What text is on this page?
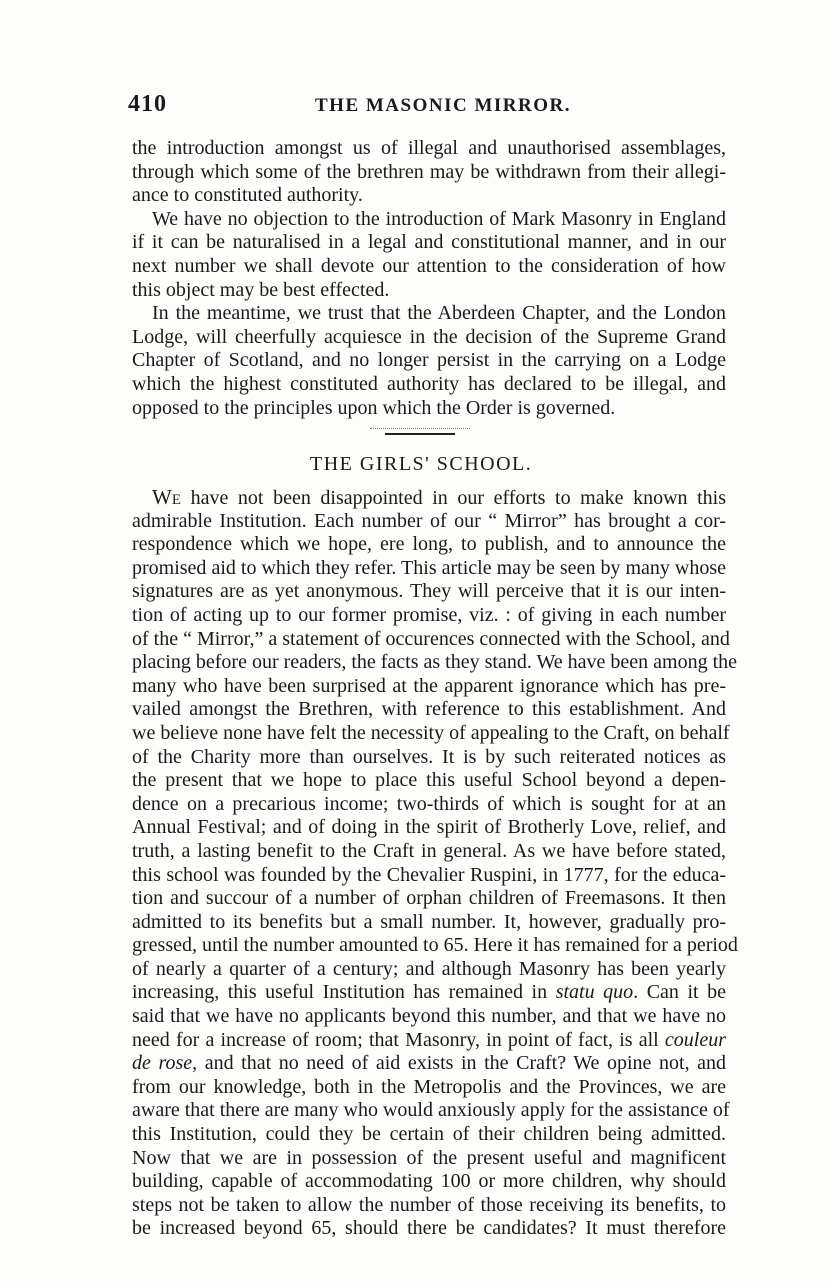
410	THE MASONIC MIRROR.
the introduction amongst us of illegal and unauthorised assemblages,
through which some of the brethren may be withdrawn from their allegi-
ance to constituted authority.
We have no objection to the introduction of Mark Masonry in England
if it can be naturalised in a legal and constitutional manner, and in our
next number we shall devote our attention to the consideration of how
this object may be best effected.
In the meantime, we trust that the Aberdeen Chapter, and the London
Lodge, will cheerfully acquiesce in the decision of the Supreme Grand
Chapter of Scotland, and no longer persist in the carrying on a Lodge
which the highest constituted authority has declared to be illegal, and
opposed to the principles upon which the Order is governed.
THE GIRLS' SCHOOL.
We have not been disappointed in our efforts to make known this
admirable Institution. Each number of our “ Mirror” has brought a cor-
respondence which we hope, ere long, to publish, and to announce the
promised aid to which they refer. This article may be seen by many whose
signatures are as yet anonymous. They will perceive that it is our inten-
tion of acting up to our former promise, viz. : of giving in each number
of the “ Mirror,” a statement of occurences connected with the School, and
placing before our readers, the facts as they stand. We have been among the
many who have been surprised at the apparent ignorance which has pre-
vailed amongst the Brethren, with reference to this establishment. And
we believe none have felt the necessity of appealing to the Craft, on behalf
of the Charity more than ourselves. It is by such reiterated notices as
the present that we hope to place this useful School beyond a depen-
dence on a precarious income; two-thirds of which is sought for at an
Annual Festival; and of doing in the spirit of Brotherly Love, relief, and
truth, a lasting benefit to the Craft in general. As we have before stated,
this school was founded by the Chevalier Ruspini, in 1777, for the educa-
tion and succour of a number of orphan children of Freemasons. It then
admitted to its benefits but a small number. It, however, gradually pro-
gressed, until the number amounted to 65. Here it has remained for a period
of nearly a quarter of a century; and although Masonry has been yearly
increasing, this useful Institution has remained in statu quo. Can it be
said that we have no applicants beyond this number, and that we have no
need for a increase of room; that Masonry, in point of fact, is all couleur
de rose, and that no need of aid exists in the Craft? We opine not, and
from our knowledge, both in the Metropolis and the Provinces, we are
aware that there are many who would anxiously apply for the assistance of
this Institution, could they be certain of their children being admitted.
Now that we are in possession of the present useful and magnificent
building, capable of accommodating 100 or more children, why should
steps not be taken to allow the number of those receiving its benefits, to
be increased beyond 65, should there be candidates? It must therefore
